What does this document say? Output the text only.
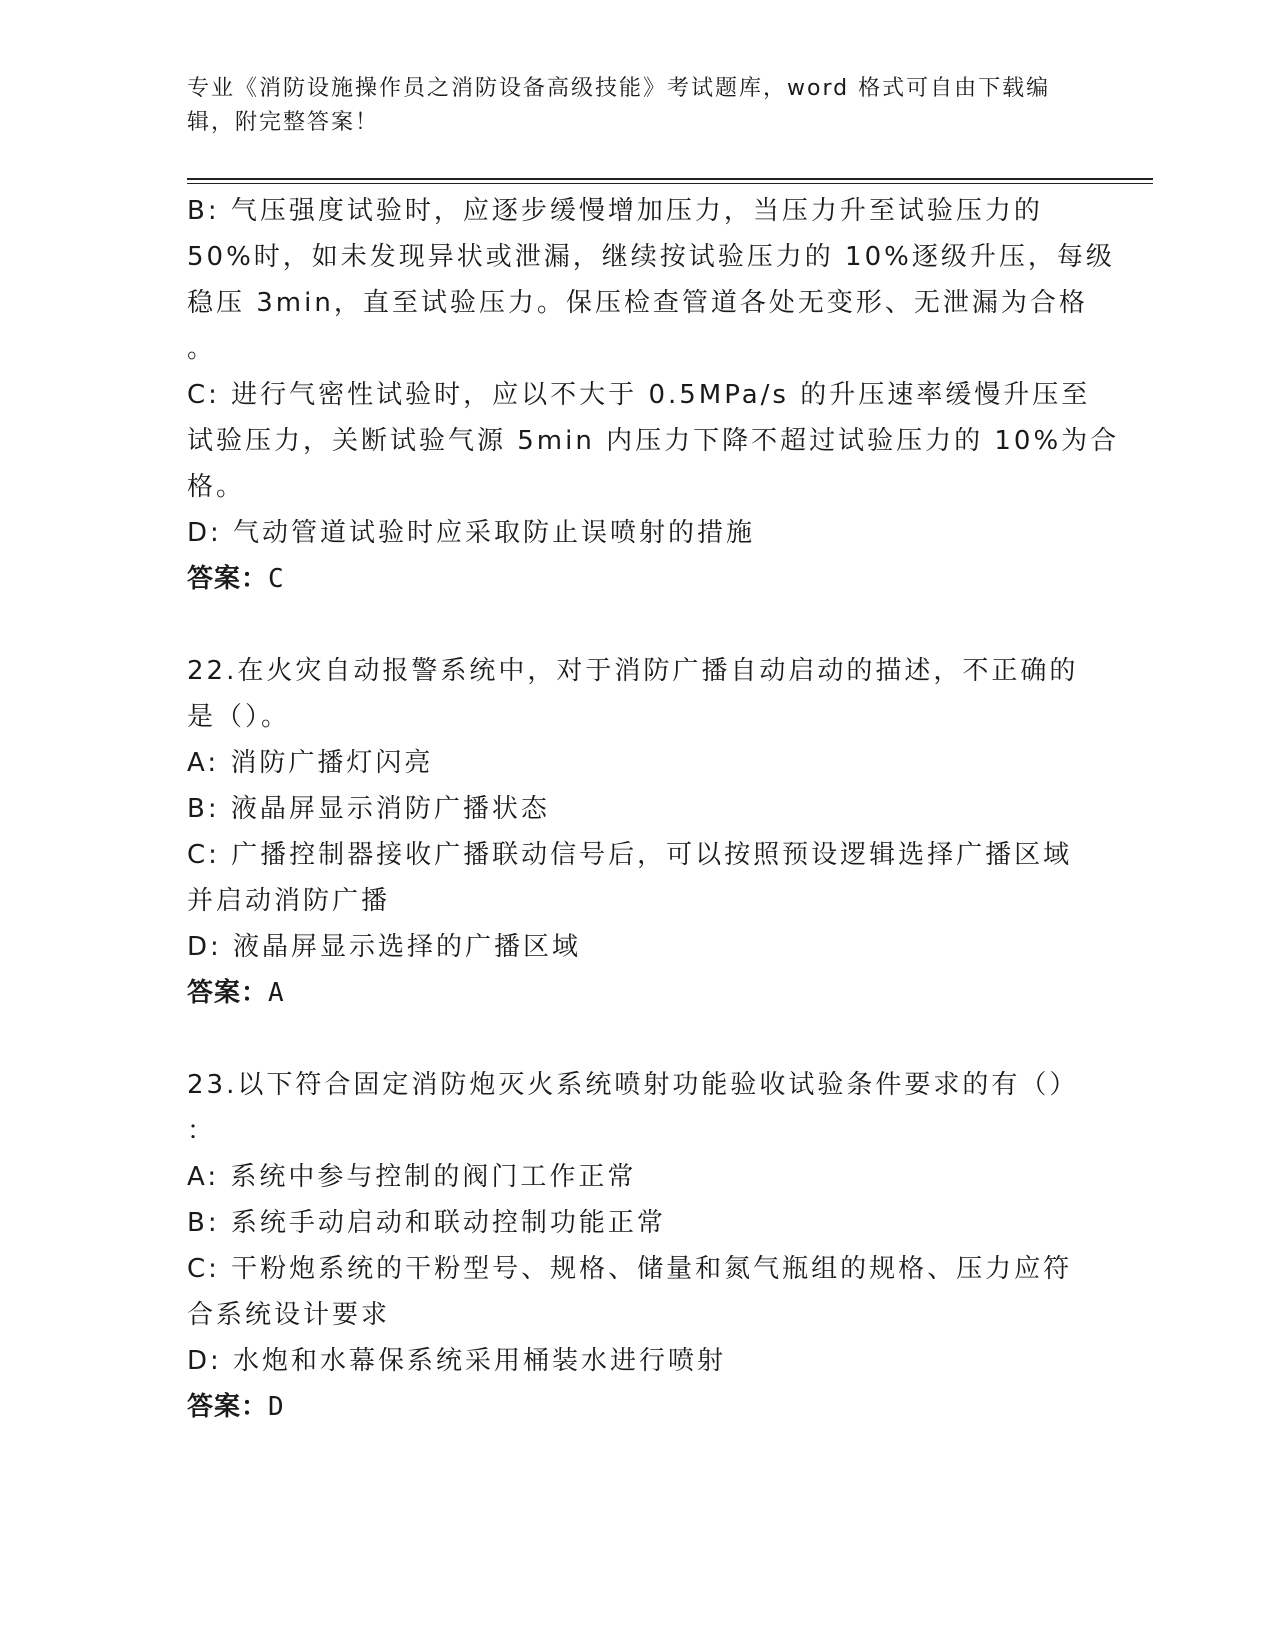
专业《消防设施操作员之消防设备高级技能》考试题库，word 格式可自由下载编
辑，附完整答案！
B: 气压强度试验时，应逐步缓慢增加压力，当压力升至试验压力的
50%时，如未发现异状或泄漏，继续按试验压力的 10%逐级升压，每级
稳压 3min，直至试验压力。保压检查管道各处无变形、无泄漏为合格
。
C: 进行气密性试验时，应以不大于 0.5MPa/s 的升压速率缓慢升压至
试验压力，关断试验气源 5min 内压力下降不超过试验压力的 10%为合
格。
D: 气动管道试验时应采取防止误喷射的措施
答案：C
22.在火灾自动报警系统中，对于消防广播自动启动的描述，不正确的
是（）。
A: 消防广播灯闪亮
B: 液晶屏显示消防广播状态
C: 广播控制器接收广播联动信号后，可以按照预设逻辑选择广播区域
并启动消防广播
D: 液晶屏显示选择的广播区域
答案：A
23.以下符合固定消防炮灭火系统喷射功能验收试验条件要求的有（）
：
A: 系统中参与控制的阀门工作正常
B: 系统手动启动和联动控制功能正常
C: 干粉炮系统的干粉型号、规格、储量和氮气瓶组的规格、压力应符
合系统设计要求
D: 水炮和水幕保系统采用桶装水进行喷射
答案：D
